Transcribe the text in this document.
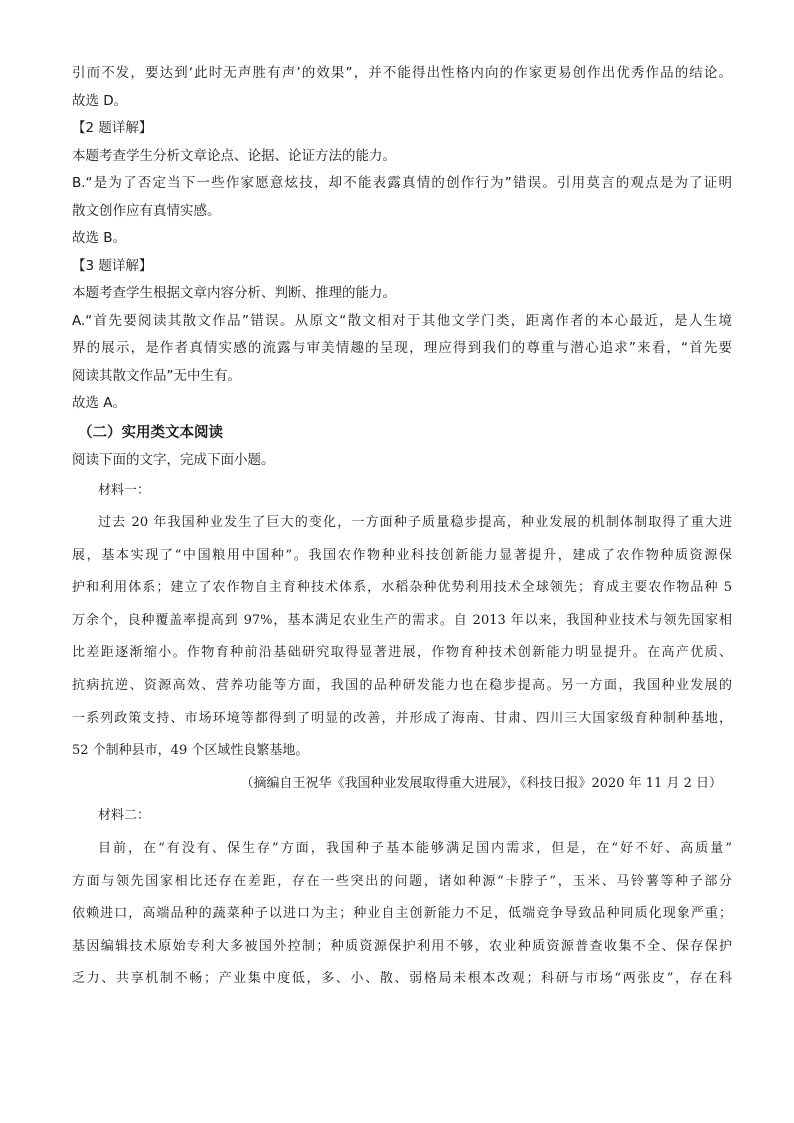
引而不发，要达到‘此时无声胜有声’的效果”，并不能得出性格内向的作家更易创作出优秀作品的结论。

故选 D。

【2 题详解】

本题考查学生分析文章论点、论据、论证方法的能力。

B.“是为了否定当下一些作家愿意炫技，却不能表露真情的创作行为”错误。引用莫言的观点是为了证明

散文创作应有真情实感。

故选 B。

【3 题详解】

本题考查学生根据文章内容分析、判断、推理的能力。

A.“首先要阅读其散文作品”错误。从原文“散文相对于其他文学门类，距离作者的本心最近，是人生境

界的展示，是作者真情实感的流露与审美情趣的呈现，理应得到我们的尊重与潜心追求”来看，“首先要

阅读其散文作品”无中生有。

故选 A。

（二）实用类文本阅读

阅读下面的文字，完成下面小题。

材料一：

过去 20 年我国种业发生了巨大的变化，一方面种子质量稳步提高，种业发展的机制体制取得了重大进

展，基本实现了“中国粮用中国种”。我国农作物种业科技创新能力显著提升，建成了农作物种质资源保

护和利用体系；建立了农作物自主育种技术体系，水稻杂种优势利用技术全球领先；育成主要农作物品种 5

万余个，良种覆盖率提高到 97%，基本满足农业生产的需求。自 2013 年以来，我国种业技术与领先国家相

比差距逐渐缩小。作物育种前沿基础研究取得显著进展，作物育种技术创新能力明显提升。在高产优质、

抗病抗逆、资源高效、营养功能等方面，我国的品种研发能力也在稳步提高。另一方面，我国种业发展的

一系列政策支持、市场环境等都得到了明显的改善，并形成了海南、甘肃、四川三大国家级育种制种基地，

52 个制种县市，49 个区域性良繁基地。

（摘编自王祝华《我国种业发展取得重大进展》，《科技日报》2020 年 11 月 2 日）

材料二：

目前，在“有没有、保生存”方面，我国种子基本能够满足国内需求，但是，在“好不好、高质量”

方面与领先国家相比还存在差距，存在一些突出的问题，诸如种源“卡脖子”，玉米、马铃薯等种子部分

依赖进口，高端品种的蔬菜种子以进口为主；种业自主创新能力不足，低端竞争导致品种同质化现象严重；

基因编辑技术原始专利大多被国外控制；种质资源保护利用不够，农业种质资源普查收集不全、保存保护

乏力、共享机制不畅；产业集中度低，多、小、散、弱格局未根本改观；科研与市场“两张皮”，存在科
